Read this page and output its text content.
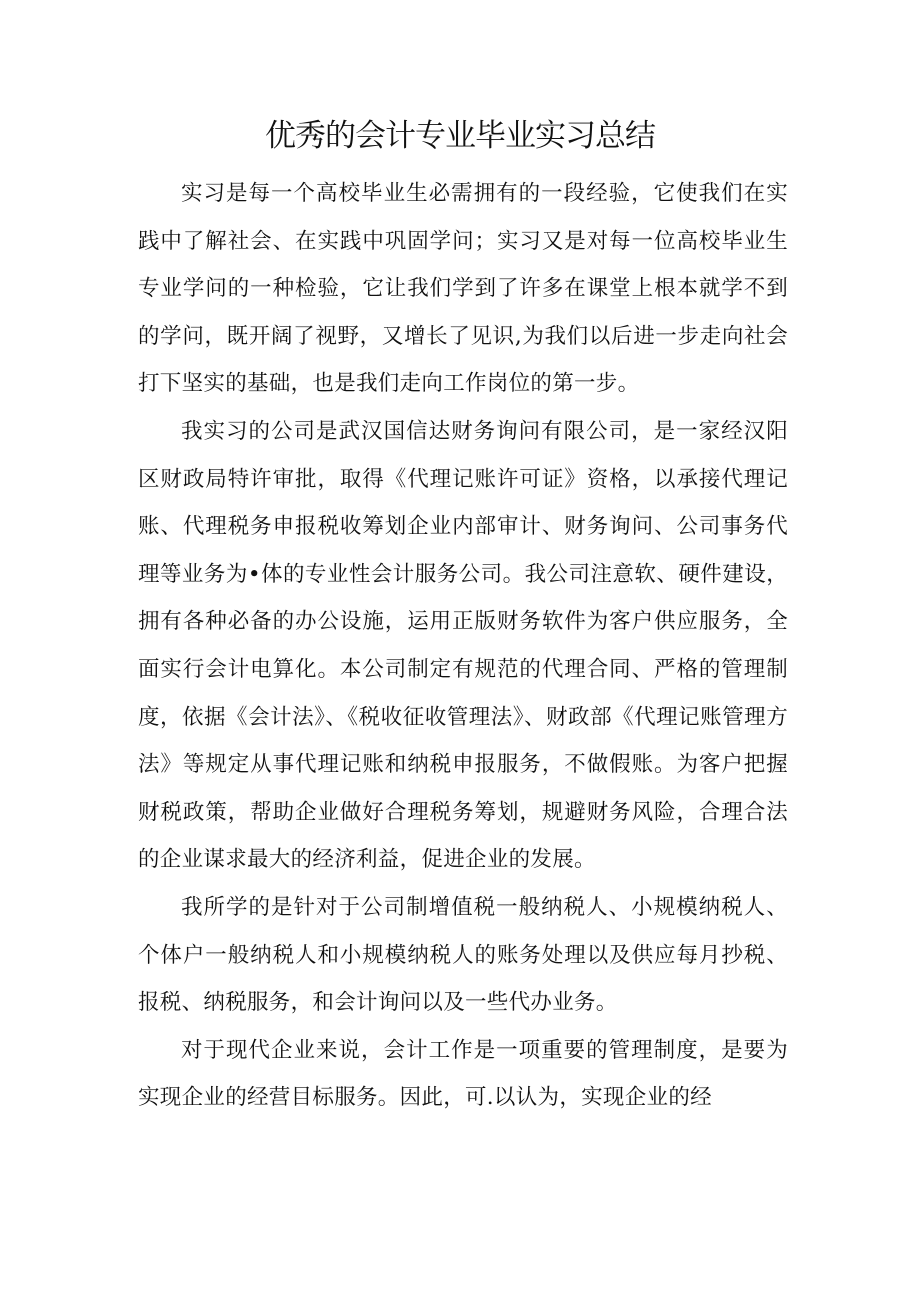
优秀的会计专业毕业实习总结

实习是每一个高校毕业生必需拥有的一段经验，它使我们在实践中了解社会、在实践中巩固学问；实习又是对每一位高校毕业生专业学问的一种检验，它让我们学到了许多在课堂上根本就学不到的学问，既开阔了视野，又增长了见识,为我们以后进一步走向社会打下坚实的基础，也是我们走向工作岗位的第一步。

我实习的公司是武汉国信达财务询问有限公司，是一家经汉阳区财政局特许审批，取得《代理记账许可证》资格，以承接代理记账、代理税务申报税收筹划企业内部审计、财务询问、公司事务代理等业务为•体的专业性会计服务公司。我公司注意软、硬件建设，拥有各种必备的办公设施，运用正版财务软件为客户供应服务，全面实行会计电算化。本公司制定有规范的代理合同、严格的管理制度，依据《会计法》、《税收征收管理法》、财政部《代理记账管理方法》等规定从事代理记账和纳税申报服务，不做假账。为客户把握财税政策，帮助企业做好合理税务筹划，规避财务风险，合理合法的企业谋求最大的经济利益，促进企业的发展。

我所学的是针对于公司制增值税一般纳税人、小规模纳税人、个体户一般纳税人和小规模纳税人的账务处理以及供应每月抄税、报税、纳税服务，和会计询问以及一些代办业务。

对于现代企业来说，会计工作是一项重要的管理制度，是要为实现企业的经营目标服务。因此，可.以认为，实现企业的经
